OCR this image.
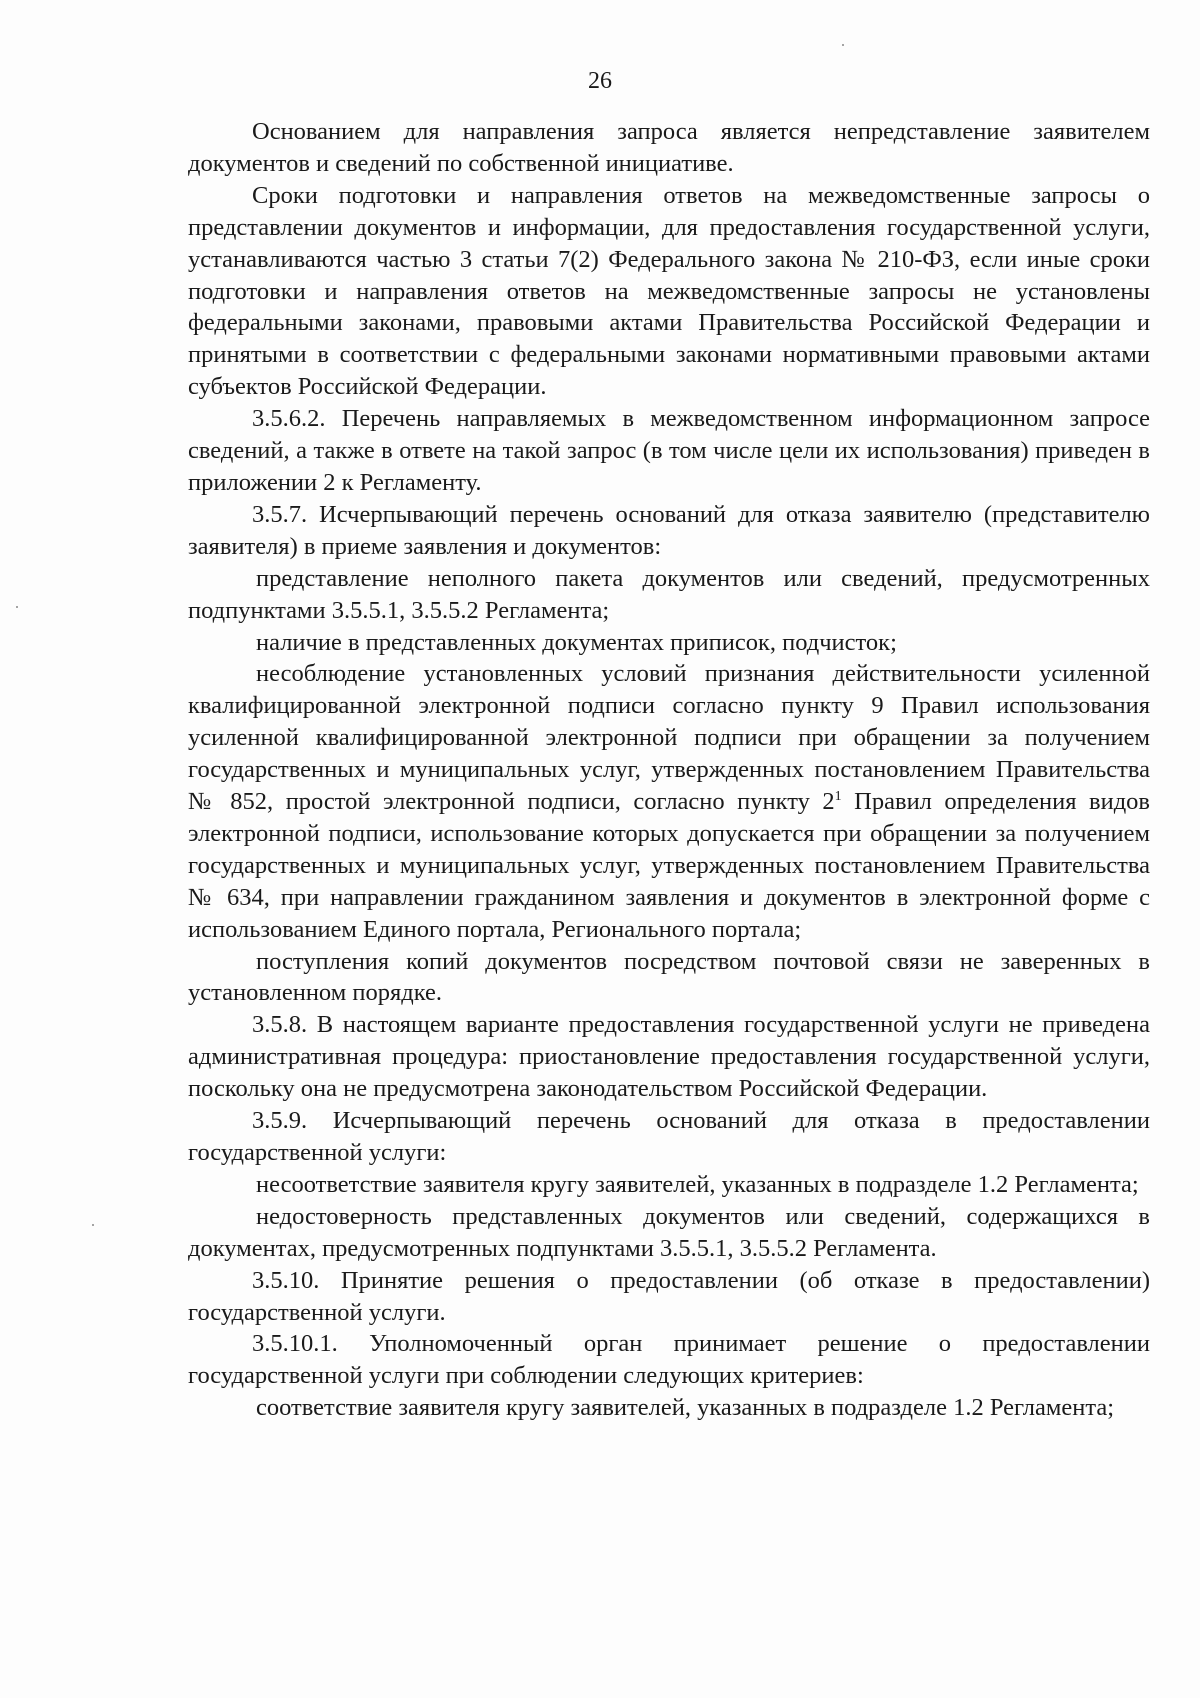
26

Основанием для направления запроса является непредставление заявителем документов и сведений по собственной инициативе.

Сроки подготовки и направления ответов на межведомственные запросы о представлении документов и информации, для предоставления государственной услуги, устанавливаются частью 3 статьи 7(2) Федерального закона № 210-ФЗ, если иные сроки подготовки и направления ответов на межведомственные запросы не установлены федеральными законами, правовыми актами Правительства Российской Федерации и принятыми в соответствии с федеральными законами нормативными правовыми актами субъектов Российской Федерации.

3.5.6.2. Перечень направляемых в межведомственном информационном запросе сведений, а также в ответе на такой запрос (в том числе цели их использования) приведен в приложении 2 к Регламенту.

3.5.7. Исчерпывающий перечень оснований для отказа заявителю (представителю заявителя) в приеме заявления и документов:

представление неполного пакета документов или сведений, предусмотренных подпунктами 3.5.5.1, 3.5.5.2 Регламента;

наличие в представленных документах приписок, подчисток;

несоблюдение установленных условий признания действительности усиленной квалифицированной электронной подписи согласно пункту 9 Правил использования усиленной квалифицированной электронной подписи при обращении за получением государственных и муниципальных услуг, утвержденных постановлением Правительства № 852, простой электронной подписи, согласно пункту $2^1$ Правил определения видов электронной подписи, использование которых допускается при обращении за получением государственных и муниципальных услуг, утвержденных постановлением Правительства № 634, при направлении гражданином заявления и документов в электронной форме с использованием Единого портала, Регионального портала;

поступления копий документов посредством почтовой связи не заверенных в установленном порядке.

3.5.8. В настоящем варианте предоставления государственной услуги не приведена административная процедура: приостановление предоставления государственной услуги, поскольку она не предусмотрена законодательством Российской Федерации.

3.5.9. Исчерпывающий перечень оснований для отказа в предоставлении государственной услуги:

несоответствие заявителя кругу заявителей, указанных в подразделе 1.2 Регламента;

недостоверность представленных документов или сведений, содержащихся в документах, предусмотренных подпунктами 3.5.5.1, 3.5.5.2 Регламента.

3.5.10. Принятие решения о предоставлении (об отказе в предоставлении) государственной услуги.

3.5.10.1. Уполномоченный орган принимает решение о предоставлении государственной услуги при соблюдении следующих критериев:

соответствие заявителя кругу заявителей, указанных в подразделе 1.2 Регламента;
